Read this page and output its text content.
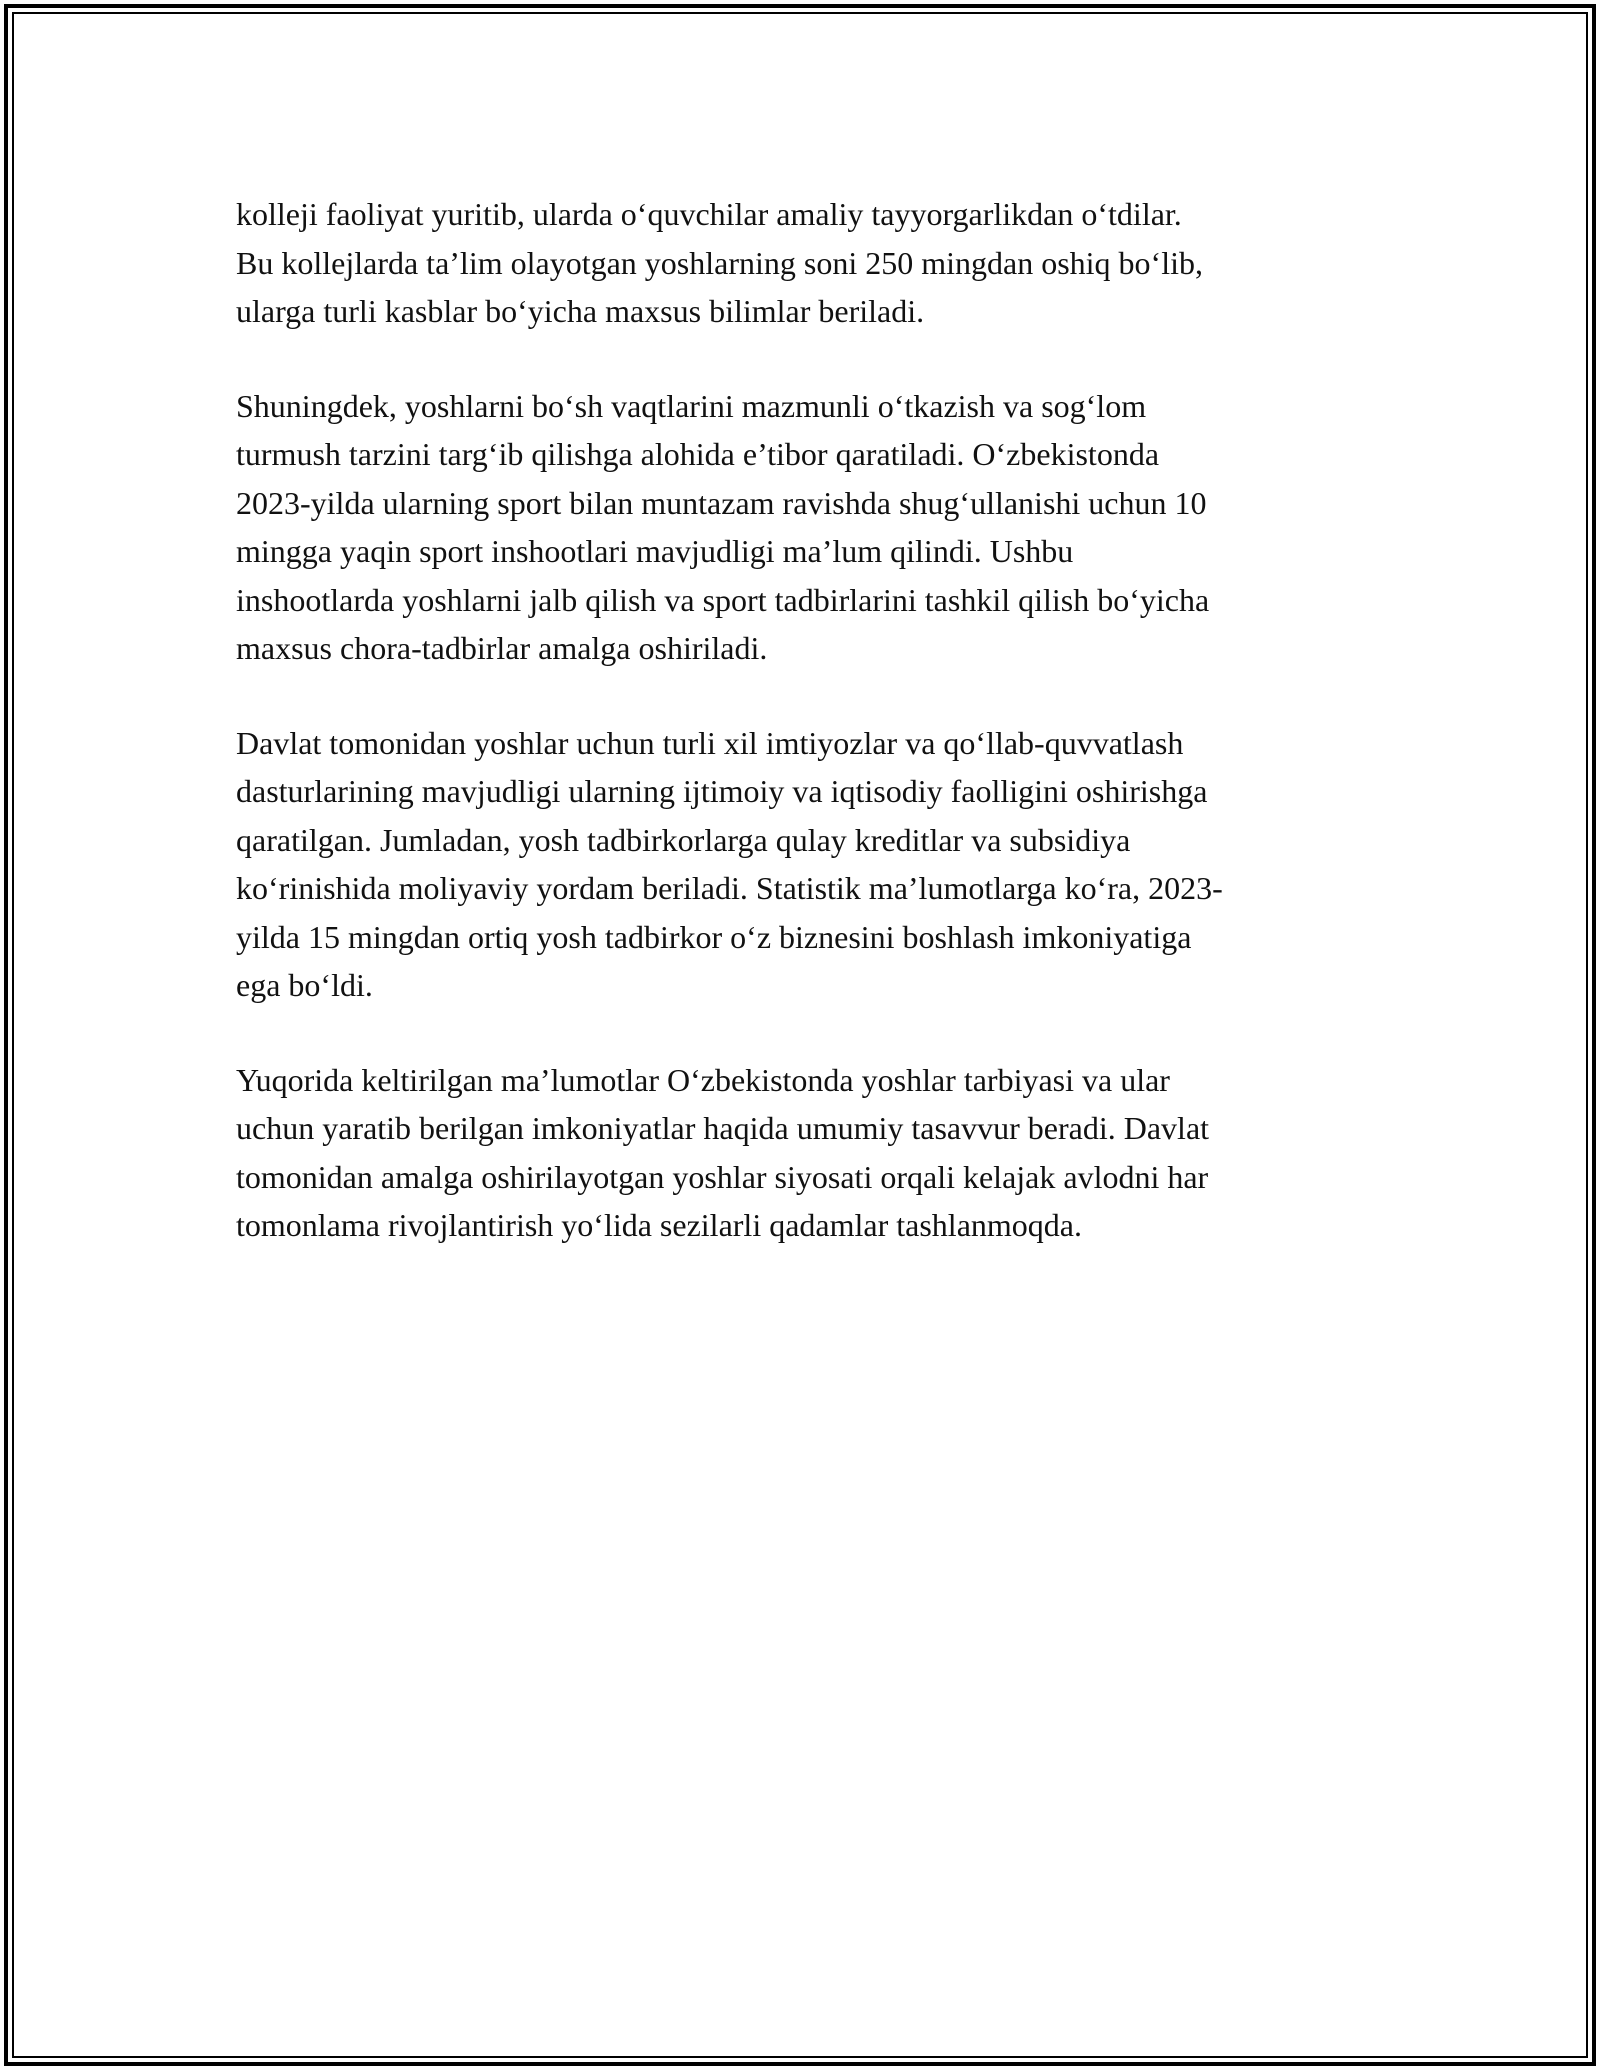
kolleji faoliyat yuritib, ularda o‘quvchilar amaliy tayyorgarlikdan o‘tdilar.
Bu kollejlarda ta’lim olayotgan yoshlarning soni 250 mingdan oshiq bo‘lib,
ularga turli kasblar bo‘yicha maxsus bilimlar beriladi.

Shuningdek, yoshlarni bo‘sh vaqtlarini mazmunli o‘tkazish va sog‘lom
turmush tarzini targ‘ib qilishga alohida e’tibor qaratiladi. O‘zbekistonda
2023-yilda ularning sport bilan muntazam ravishda shug‘ullanishi uchun 10
mingga yaqin sport inshootlari mavjudligi ma’lum qilindi. Ushbu
inshootlarda yoshlarni jalb qilish va sport tadbirlarini tashkil qilish bo‘yicha
maxsus chora-tadbirlar amalga oshiriladi.

Davlat tomonidan yoshlar uchun turli xil imtiyozlar va qo‘llab-quvvatlash
dasturlarining mavjudligi ularning ijtimoiy va iqtisodiy faolligini oshirishga
qaratilgan. Jumladan, yosh tadbirkorlarga qulay kreditlar va subsidiya
ko‘rinishida moliyaviy yordam beriladi. Statistik ma’lumotlarga ko‘ra, 2023-
yilda 15 mingdan ortiq yosh tadbirkor o‘z biznesini boshlash imkoniyatiga
ega bo‘ldi.

Yuqorida keltirilgan ma’lumotlar O‘zbekistonda yoshlar tarbiyasi va ular
uchun yaratib berilgan imkoniyatlar haqida umumiy tasavvur beradi. Davlat
tomonidan amalga oshirilayotgan yoshlar siyosati orqali kelajak avlodni har
tomonlama rivojlantirish yo‘lida sezilarli qadamlar tashlanmoqda.
